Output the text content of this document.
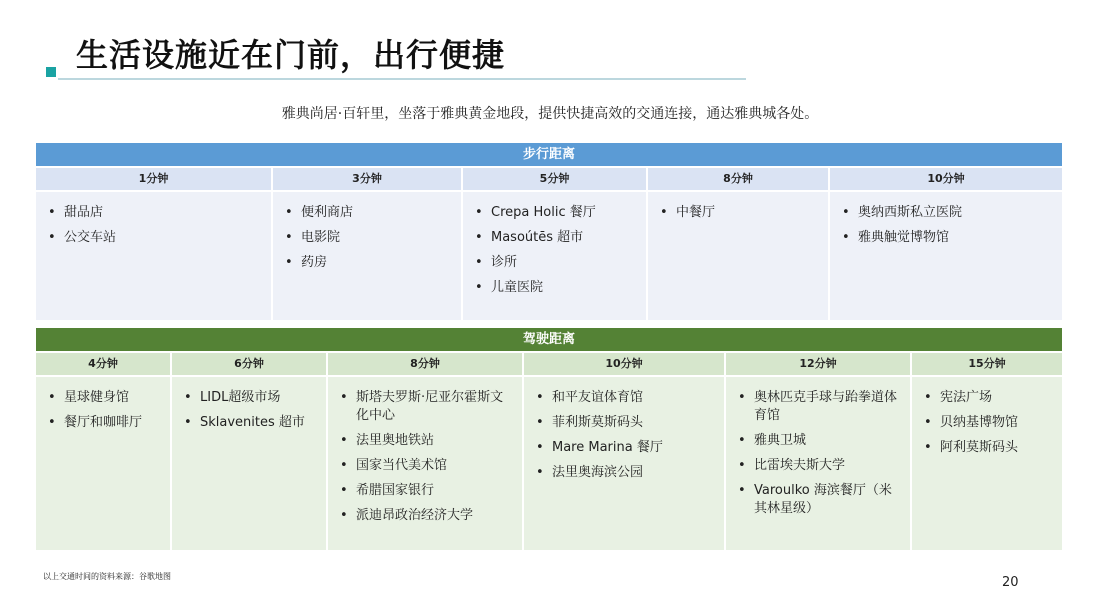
生活设施近在门前，出行便捷
雅典尚居·百轩里，坐落于雅典黄金地段，提供快捷高效的交通连接，通达雅典城各处。
步行距离
1分钟
• 甜品店
• 公交车站
3分钟
• 便利商店
• 电影院
• 药房
5分钟
• Crepa Holic 餐厅
• Masoútēs 超市
• 诊所
• 儿童医院
8分钟
• 中餐厅
10分钟
• 奥纳西斯私立医院
• 雅典触觉博物馆
驾驶距离
4分钟
• 星球健身馆
• 餐厅和咖啡厅
6分钟
• LIDL超级市场
• Sklavenites 超市
8分钟
• 斯塔夫罗斯·尼亚尔霍斯文化中心
• 法里奥地铁站
• 国家当代美术馆
• 希腊国家银行
• 派迪昂政治经济大学
10分钟
• 和平友谊体育馆
• 菲利斯莫斯码头
• Mare Marina 餐厅
• 法里奥海滨公园
12分钟
• 奥林匹克手球与跆拳道体育馆
• 雅典卫城
• 比雷埃夫斯大学
• Varoulko 海滨餐厅（米其林星级）
15分钟
• 宪法广场
• 贝纳基博物馆
• 阿利莫斯码头
以上交通时间的资料来源：谷歌地图	20
